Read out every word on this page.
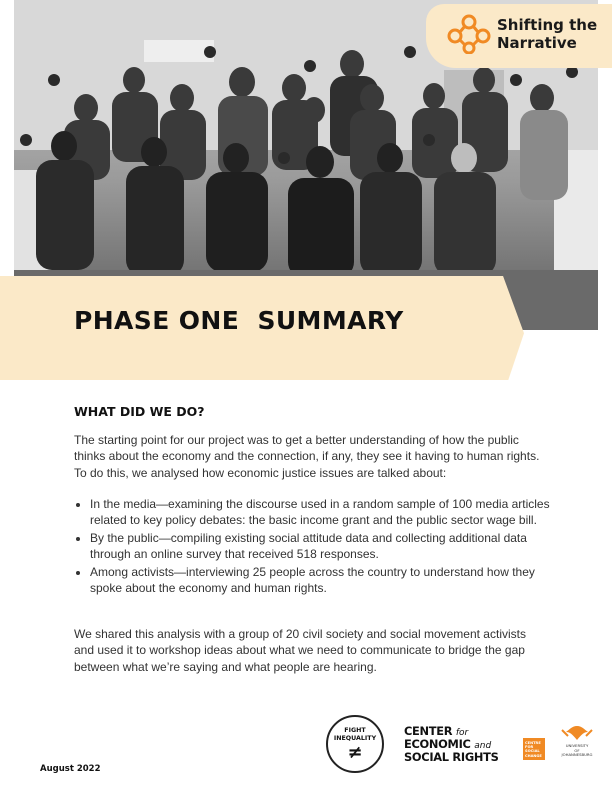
PHASE ONE  SUMMARY
Shifting the
Narrative
WHAT DID WE DO?

The starting point for our project was to get a better understanding of how the public thinks about the economy and the connection, if any, they see it having to human rights. To do this, we analysed how economic justice issues are talked about:

• In the media—examining the discourse used in a random sample of 100 media articles related to key policy debates: the basic income grant and the public sector wage bill.
• By the public—compiling existing social attitude data and collecting additional data through an online survey that received 518 responses.
• Among activists—interviewing 25 people across the country to understand how they spoke about the economy and human rights.

We shared this analysis with a group of 20 civil society and social movement activists and used it to workshop ideas about what we need to communicate to bridge the gap between what we’re saying and what people are hearing.

August 2022
FIGHT
INEQUALITY
≠
CENTER for
ECONOMIC and
SOCIAL RIGHTS
CENTRE FOR SOCIAL CHANGE
UNIVERSITY
OF
JOHANNESBURG
